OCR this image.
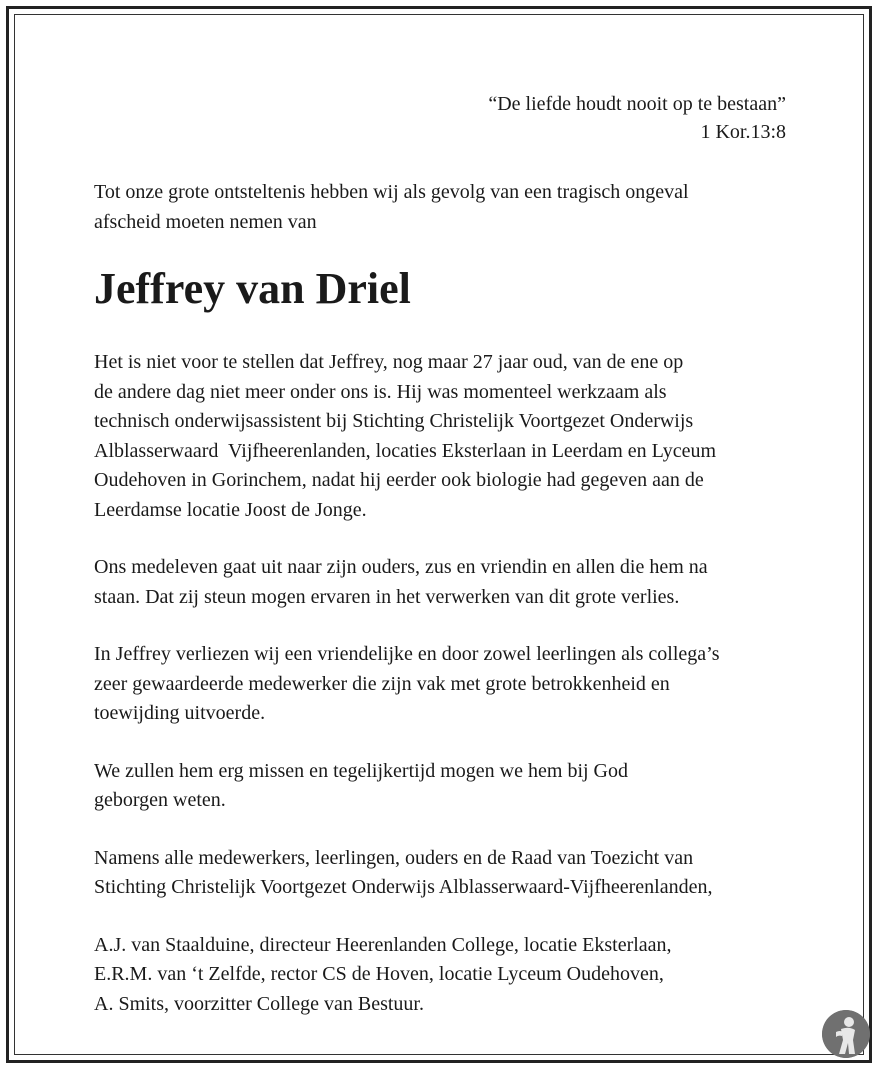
“De liefde houdt nooit op te bestaan”
1 Kor.13:8

Tot onze grote ontsteltenis hebben wij als gevolg van een tragisch ongeval
afscheid moeten nemen van

Jeffrey van Driel

Het is niet voor te stellen dat Jeffrey, nog maar 27 jaar oud, van de ene op
de andere dag niet meer onder ons is. Hij was momenteel werkzaam als
technisch onderwijsassistent bij Stichting Christelijk Voortgezet Onderwijs
Alblasserwaard  Vijfheerenlanden, locaties Eksterlaan in Leerdam en Lyceum
Oudehoven in Gorinchem, nadat hij eerder ook biologie had gegeven aan de
Leerdamse locatie Joost de Jonge.

Ons medeleven gaat uit naar zijn ouders, zus en vriendin en allen die hem na
staan. Dat zij steun mogen ervaren in het verwerken van dit grote verlies.

In Jeffrey verliezen wij een vriendelijke en door zowel leerlingen als collega’s
zeer gewaardeerde medewerker die zijn vak met grote betrokkenheid en
toewijding uitvoerde.

We zullen hem erg missen en tegelijkertijd mogen we hem bij God
geborgen weten.

Namens alle medewerkers, leerlingen, ouders en de Raad van Toezicht van
Stichting Christelijk Voortgezet Onderwijs Alblasserwaard-Vijfheerenlanden,

A.J. van Staalduine, directeur Heerenlanden College, locatie Eksterlaan,
E.R.M. van ‘t Zelfde, rector CS de Hoven, locatie Lyceum Oudehoven,
A. Smits, voorzitter College van Bestuur.
